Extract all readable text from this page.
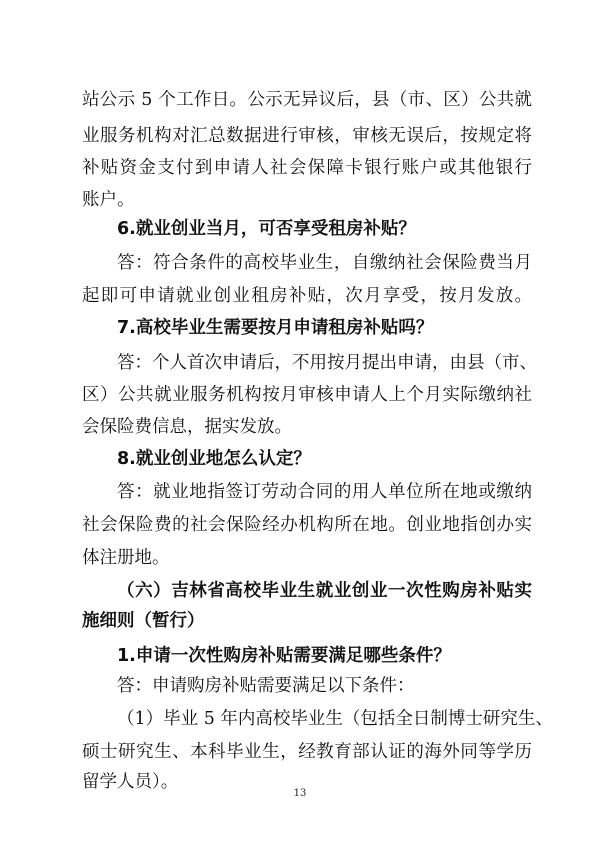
站公示 5 个工作日。公示无异议后，县（市、区）公共就
业服务机构对汇总数据进行审核，审核无误后，按规定将
补贴资金支付到申请人社会保障卡银行账户或其他银行
账户。
6.就业创业当月，可否享受租房补贴？
答：符合条件的高校毕业生，自缴纳社会保险费当月
起即可申请就业创业租房补贴，次月享受，按月发放。
7.高校毕业生需要按月申请租房补贴吗？
答：个人首次申请后，不用按月提出申请，由县（市、
区）公共就业服务机构按月审核申请人上个月实际缴纳社
会保险费信息，据实发放。
8.就业创业地怎么认定？
答：就业地指签订劳动合同的用人单位所在地或缴纳
社会保险费的社会保险经办机构所在地。创业地指创办实
体注册地。
（六）吉林省高校毕业生就业创业一次性购房补贴实
施细则（暂行）
1.申请一次性购房补贴需要满足哪些条件？
答：申请购房补贴需要满足以下条件：
（1）毕业 5 年内高校毕业生（包括全日制博士研究生、
硕士研究生、本科毕业生，经教育部认证的海外同等学历
留学人员）。
13
